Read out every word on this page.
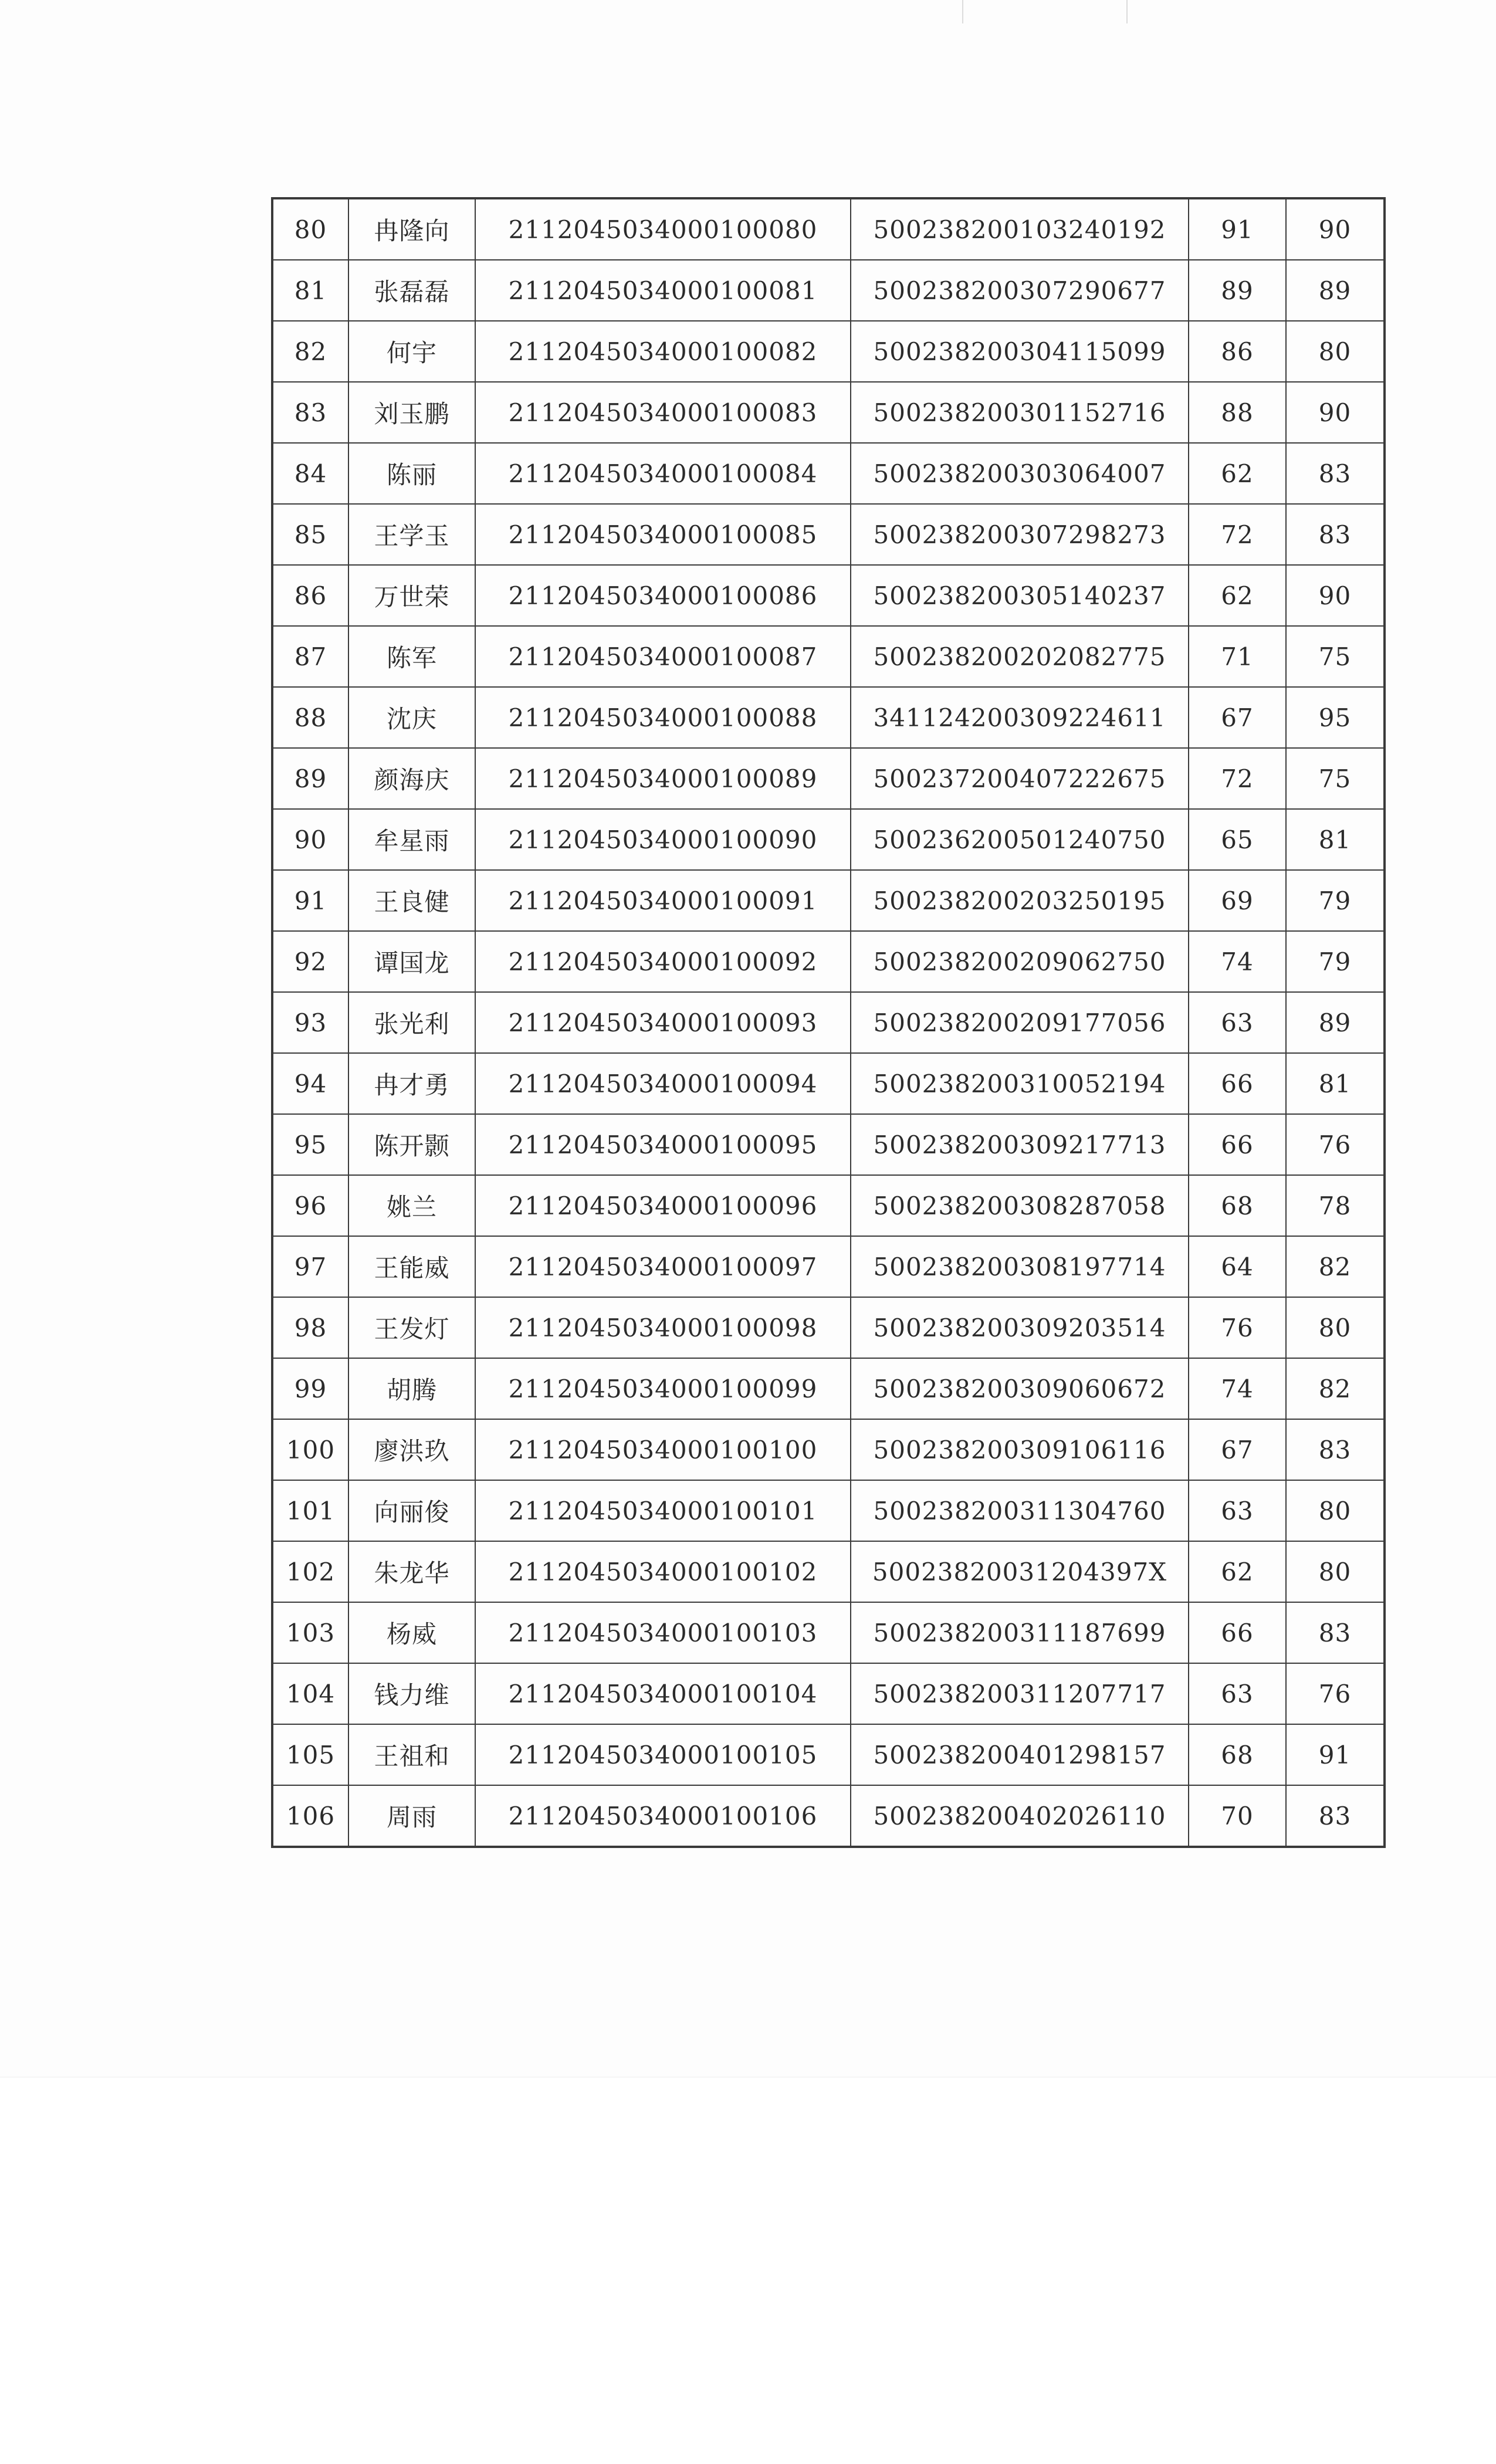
80	冉隆向	2112045034000100080	500238200103240192	91	90
81	张磊磊	2112045034000100081	500238200307290677	89	89
82	何宇	2112045034000100082	500238200304115099	86	80
83	刘玉鹏	2112045034000100083	500238200301152716	88	90
84	陈丽	2112045034000100084	500238200303064007	62	83
85	王学玉	2112045034000100085	500238200307298273	72	83
86	万世荣	2112045034000100086	500238200305140237	62	90
87	陈军	2112045034000100087	500238200202082775	71	75
88	沈庆	2112045034000100088	341124200309224611	67	95
89	颜海庆	2112045034000100089	500237200407222675	72	75
90	牟星雨	2112045034000100090	500236200501240750	65	81
91	王良健	2112045034000100091	500238200203250195	69	79
92	谭国龙	2112045034000100092	500238200209062750	74	79
93	张光利	2112045034000100093	500238200209177056	63	89
94	冉才勇	2112045034000100094	500238200310052194	66	81
95	陈开颢	2112045034000100095	500238200309217713	66	76
96	姚兰	2112045034000100096	500238200308287058	68	78
97	王能威	2112045034000100097	500238200308197714	64	82
98	王发灯	2112045034000100098	500238200309203514	76	80
99	胡腾	2112045034000100099	500238200309060672	74	82
100	廖洪玖	2112045034000100100	500238200309106116	67	83
101	向丽俊	2112045034000100101	500238200311304760	63	80
102	朱龙华	2112045034000100102	50023820031204397X	62	80
103	杨威	2112045034000100103	500238200311187699	66	83
104	钱力维	2112045034000100104	500238200311207717	63	76
105	王祖和	2112045034000100105	500238200401298157	68	91
106	周雨	2112045034000100106	500238200402026110	70	83
